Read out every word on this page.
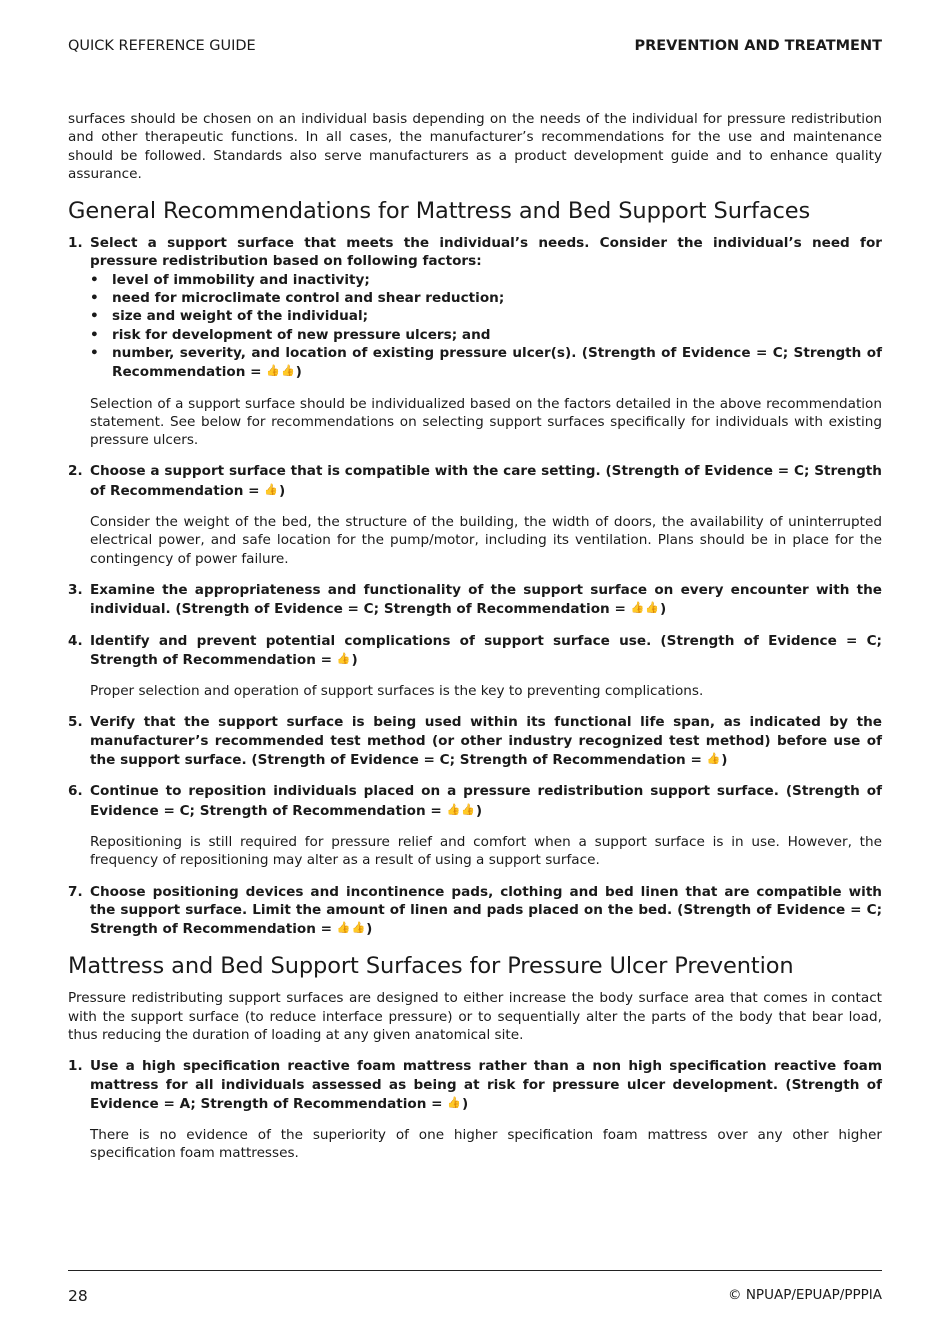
QUICK REFERENCE GUIDE	PREVENTION AND TREATMENT

surfaces should be chosen on an individual basis depending on the needs of the individual for pressure redistribution and other therapeutic functions. In all cases, the manufacturer’s recommendations for the use and maintenance should be followed. Standards also serve manufacturers as a product development guide and to enhance quality assurance.

General Recommendations for Mattress and Bed Support Surfaces
1. Select a support surface that meets the individual’s needs. Consider the individual’s need for pressure redistribution based on following factors:
• level of immobility and inactivity;
• need for microclimate control and shear reduction;
• size and weight of the individual;
• risk for development of new pressure ulcers; and
• number, severity, and location of existing pressure ulcer(s). (Strength of Evidence = C; Strength of Recommendation = 👍👍)
Selection of a support surface should be individualized based on the factors detailed in the above recommendation statement. See below for recommendations on selecting support surfaces specifically for individuals with existing pressure ulcers.
2. Choose a support surface that is compatible with the care setting. (Strength of Evidence = C; Strength of Recommendation = 👍)
Consider the weight of the bed, the structure of the building, the width of doors, the availability of uninterrupted electrical power, and safe location for the pump/motor, including its ventilation. Plans should be in place for the contingency of power failure.
3. Examine the appropriateness and functionality of the support surface on every encounter with the individual. (Strength of Evidence = C; Strength of Recommendation = 👍👍)
4. Identify and prevent potential complications of support surface use. (Strength of Evidence = C; Strength of Recommendation = 👍)
Proper selection and operation of support surfaces is the key to preventing complications.
5. Verify that the support surface is being used within its functional life span, as indicated by the manufacturer’s recommended test method (or other industry recognized test method) before use of the support surface. (Strength of Evidence = C; Strength of Recommendation = 👍)
6. Continue to reposition individuals placed on a pressure redistribution support surface. (Strength of Evidence = C; Strength of Recommendation = 👍👍)
Repositioning is still required for pressure relief and comfort when a support surface is in use. However, the frequency of repositioning may alter as a result of using a support surface.
7. Choose positioning devices and incontinence pads, clothing and bed linen that are compatible with the support surface. Limit the amount of linen and pads placed on the bed. (Strength of Evidence = C; Strength of Recommendation = 👍👍)
Mattress and Bed Support Surfaces for Pressure Ulcer Prevention

Pressure redistributing support surfaces are designed to either increase the body surface area that comes in contact with the support surface (to reduce interface pressure) or to sequentially alter the parts of the body that bear load, thus reducing the duration of loading at any given anatomical site.

1. Use a high specification reactive foam mattress rather than a non high specification reactive foam mattress for all individuals assessed as being at risk for pressure ulcer development. (Strength of Evidence = A; Strength of Recommendation = 👍)
There is no evidence of the superiority of one higher specification foam mattress over any other higher specification foam mattresses.
28	© NPUAP/EPUAP/PPPIA
